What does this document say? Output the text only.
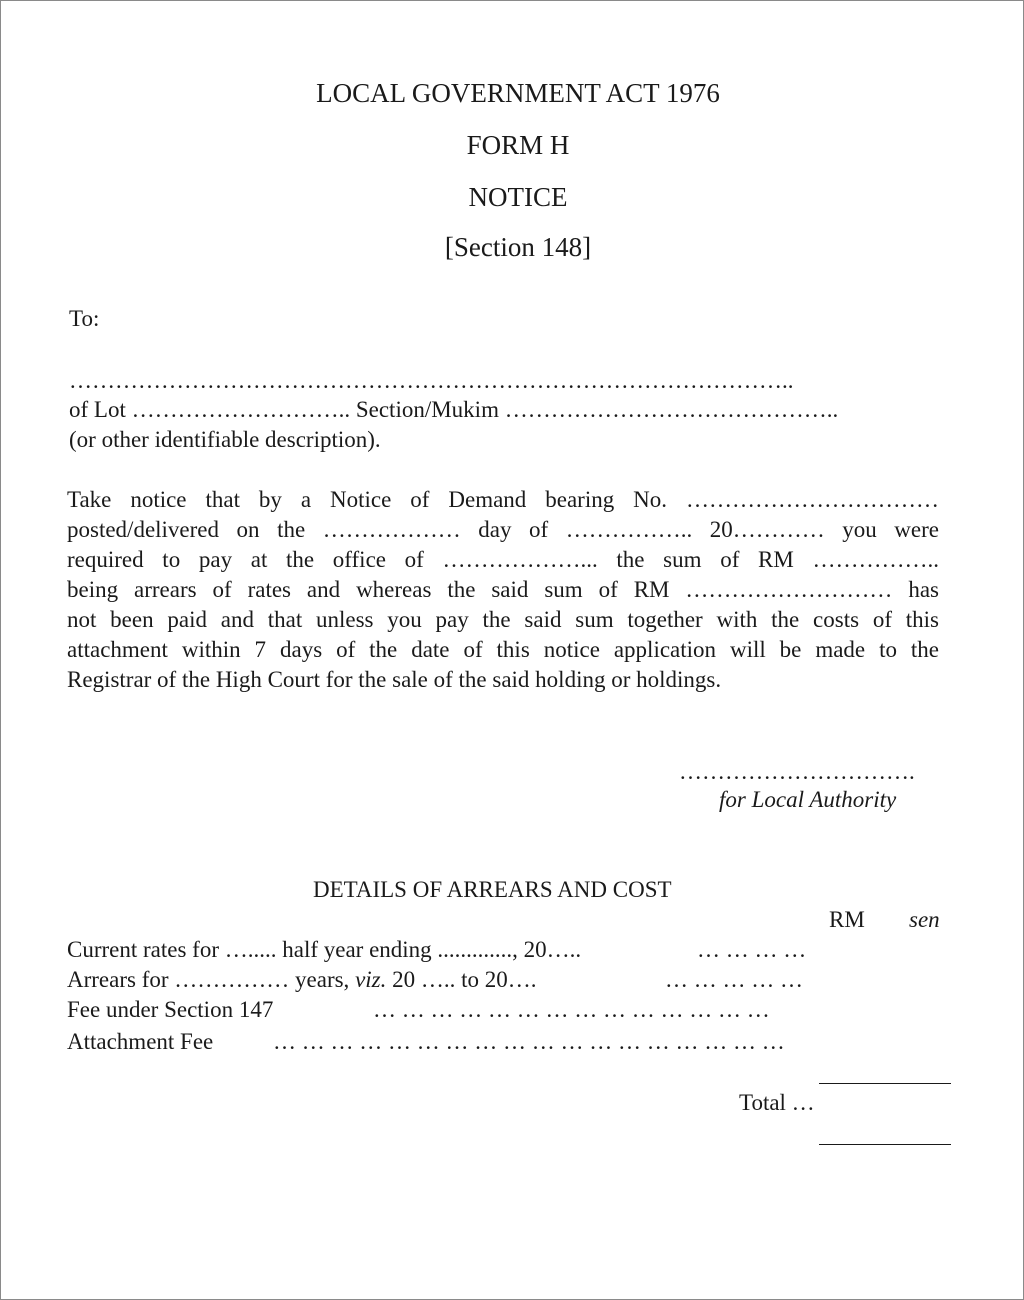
LOCAL GOVERNMENT ACT 1976
FORM H
NOTICE
[Section 148]
To:
…………………………………………………………………………………..
of Lot ……………………….. Section/Mukim ……………………………………..
(or other identifiable description).
Take notice that by a Notice of Demand bearing No. ……………………………
posted/delivered on the ……………… day of …………….. 20………… you were
required to pay at the office of ………………... the sum of RM ……………..
being arrears of rates and whereas the said sum of RM ……………………… has
not been paid and that unless you pay the said sum together with the costs of this
attachment within 7 days of the date of this notice application will be made to the
Registrar of the High Court for the sale of the said holding or holdings.
………………………….
for Local Authority
DETAILS OF ARREARS AND COST
RM sen
Current rates for …..... half year ending ............., 20…..	… … … …
Arrears for …………… years, viz. 20 ….. to 20….	… … … … …
Fee under Section 147	… … … … … … … … … … … … … …
Attachment Fee	… … … … … … … … … … … … … … … … … …
Total …
